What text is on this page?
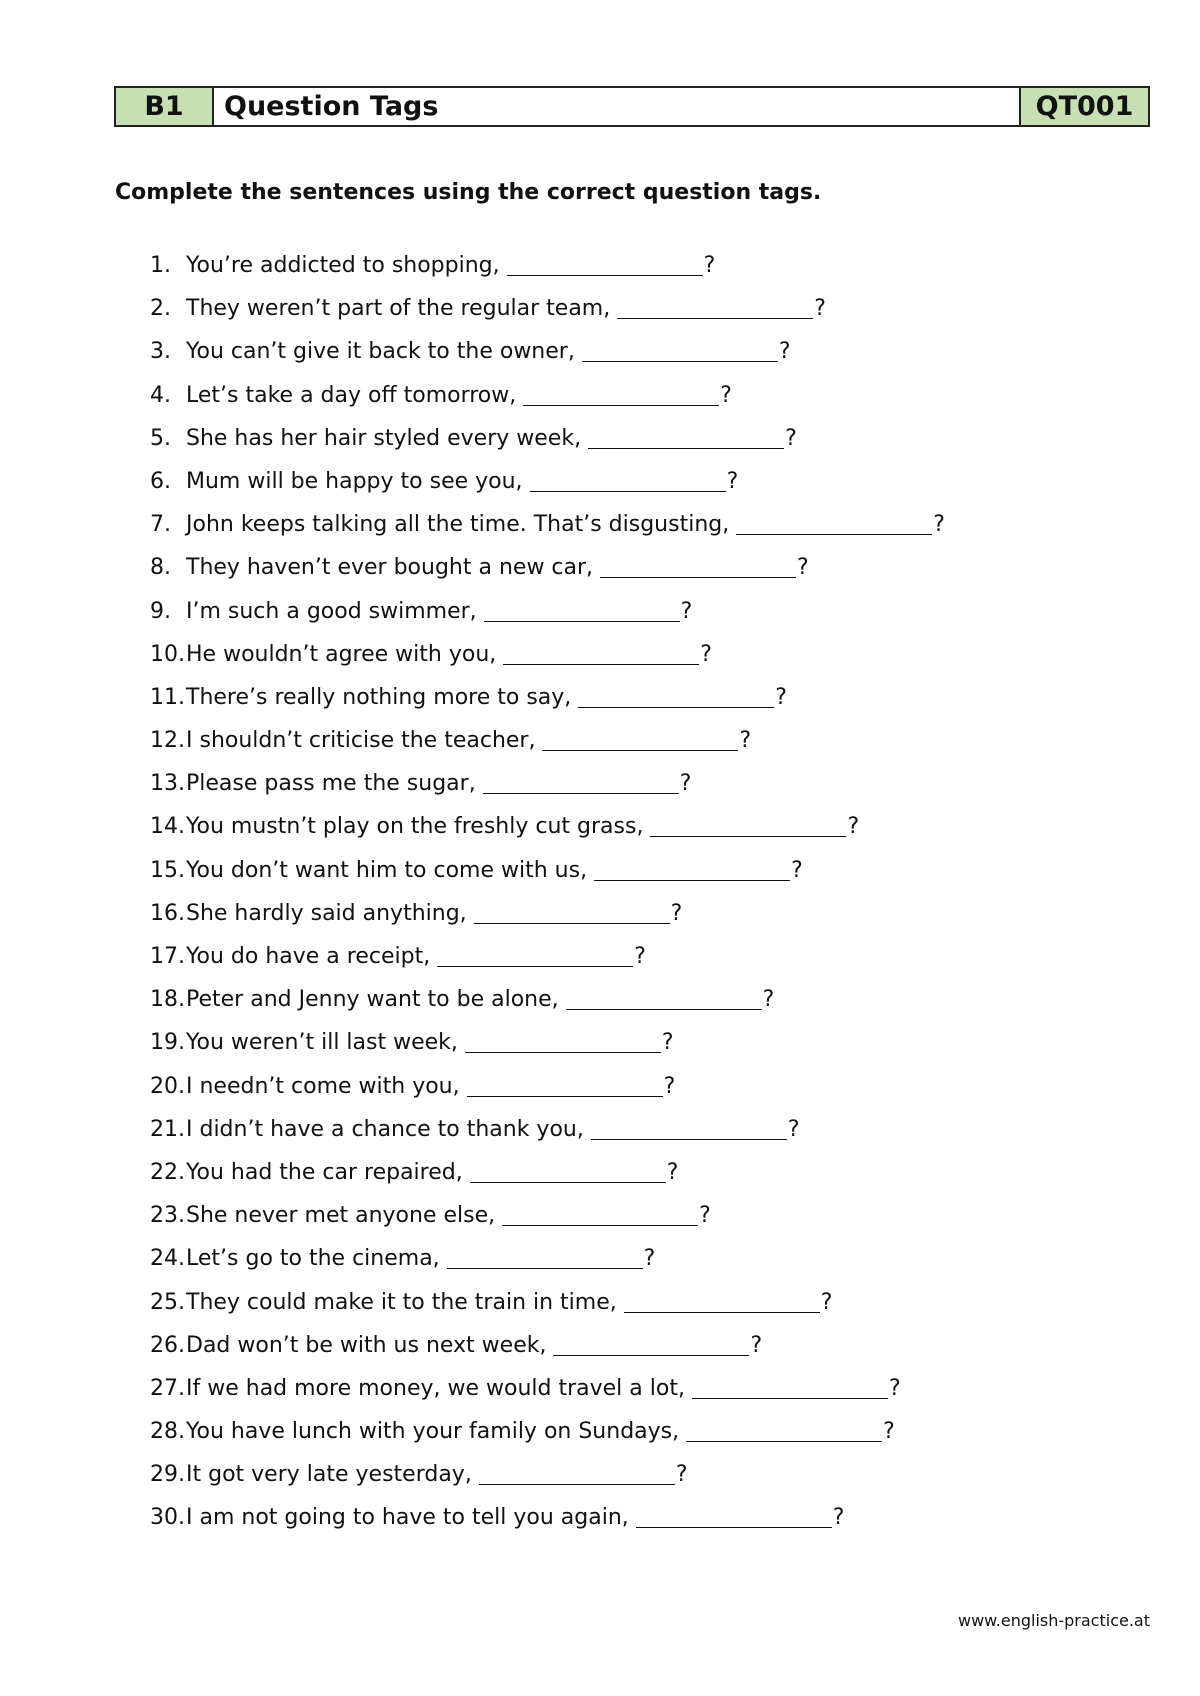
B1	Question Tags	QT001

Complete the sentences using the correct question tags.

1. You’re addicted to shopping,	?
2. They weren’t part of the regular team,	?
3. You can’t give it back to the owner,	?
4. Let’s take a day off tomorrow,	?
5. She has her hair styled every week,	?
6. Mum will be happy to see you,	?
7. John keeps talking all the time. That’s disgusting,	?
8. They haven’t ever bought a new car,	?
9. I’m such a good swimmer,	?
10. He wouldn’t agree with you,	?
11. There’s really nothing more to say,	?
12. I shouldn’t criticise the teacher,	?
13. Please pass me the sugar,	?
14. You mustn’t play on the freshly cut grass,	?
15. You don’t want him to come with us,	?
16. She hardly said anything,	?
17. You do have a receipt,	?
18. Peter and Jenny want to be alone,	?
19. You weren’t ill last week,	?
20. I needn’t come with you,	?
21. I didn’t have a chance to thank you,	?
22. You had the car repaired,	?
23. She never met anyone else,	?
24. Let’s go to the cinema,	?
25. They could make it to the train in time,	?
26. Dad won’t be with us next week,	?
27. If we had more money, we would travel a lot,	?
28. You have lunch with your family on Sundays,	?
29. It got very late yesterday,	?
30. I am not going to have to tell you again,	?
www.english-practice.at
